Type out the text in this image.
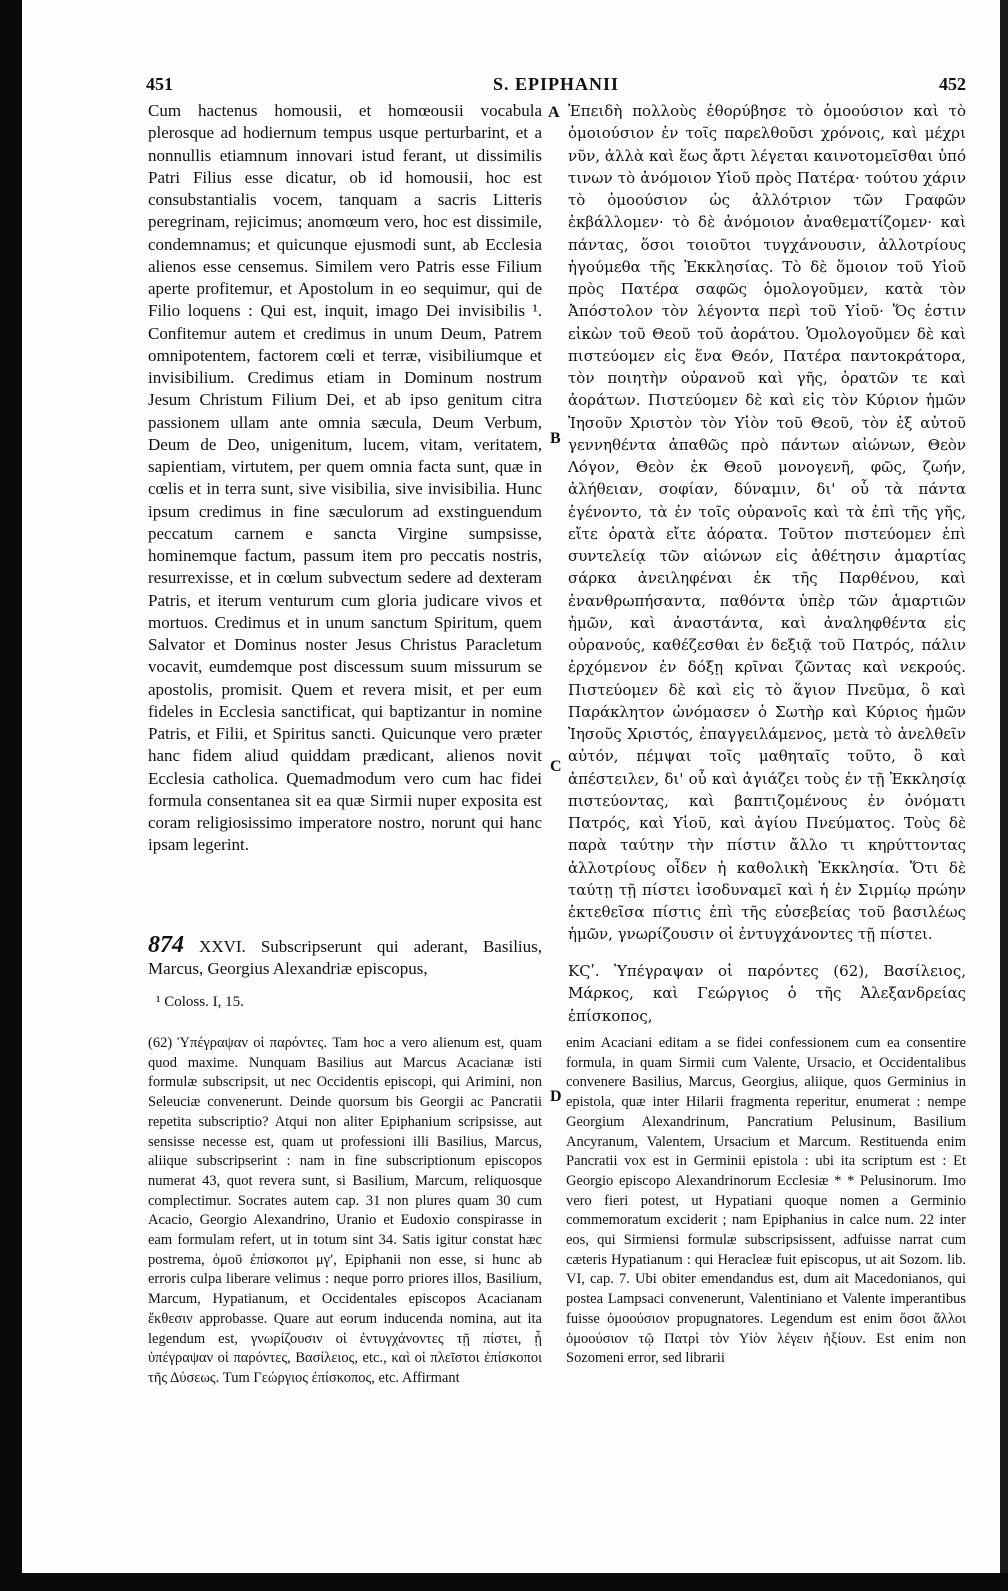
S. EPIPHANII
451	452
A
B
C
D
Cum hactenus homousii, et homœousii vocabula plerosque ad hodiernum tempus usque perturbarint, et a nonnullis etiamnum innovari istud ferant, ut dissimilis Patri Filius esse dicatur, ob id homousii, hoc est consubstantialis vocem, tanquam a sacris Litteris peregrinam, rejicimus; anomœum vero, hoc est dissimile, condemnamus; et quicunque ejusmodi sunt, ab Ecclesia alienos esse censemus. Similem vero Patris esse Filium aperte profitemur, et Apostolum in eo sequimur, qui de Filio loquens : Qui est, inquit, imago Dei invisibilis ¹. Confitemur autem et credimus in unum Deum, Patrem omnipotentem, factorem cœli et terræ, visibiliumque et invisibilium. Credimus etiam in Dominum nostrum Jesum Christum Filium Dei, et ab ipso genitum citra passionem ullam ante omnia sæcula, Deum Verbum, Deum de Deo, unigenitum, lucem, vitam, veritatem, sapientiam, virtutem, per quem omnia facta sunt, quæ in cœlis et in terra sunt, sive visibilia, sive invisibilia. Hunc ipsum credimus in fine sæculorum ad exstinguendum peccatum carnem e sancta Virgine sumpsisse, hominemque factum, passum item pro peccatis nostris, resurrexisse, et in cœlum subvectum sedere ad dexteram Patris, et iterum venturum cum gloria judicare vivos et mortuos. Credimus et in unum sanctum Spiritum, quem Salvator et Dominus noster Jesus Christus Paracletum vocavit, eumdemque post discessum suum missurum se apostolis, promisit. Quem et revera misit, et per eum fideles in Ecclesia sanctificat, qui baptizantur in nomine Patris, et Filii, et Spiritus sancti. Quicunque vero præter hanc fidem aliud quiddam prædicant, alienos novit Ecclesia catholica. Quemadmodum vero cum hac fidei formula consentanea sit ea quæ Sirmii nuper exposita est coram religiosissimo imperatore nostro, norunt qui hanc ipsam legerint.
Ἐπειδὴ πολλοὺς ἐθορύβησε τὸ ὁμοούσιον καὶ τὸ ὁμοιούσιον ἐν τοῖς παρελθοῦσι χρόνοις, καὶ μέχρι νῦν, ἀλλὰ καὶ ἕως ἄρτι λέγεται καινοτομεῖσθαι ὑπό τινων τὸ ἀνόμοιον Υἱοῦ πρὸς Πατέρα· τούτου χάριν τὸ ὁμοούσιον ὡς ἀλλότριον τῶν Γραφῶν ἐκβάλλομεν· τὸ δὲ ἀνόμοιον ἀναθεματίζομεν· καὶ πάντας, ὅσοι τοιοῦτοι τυγχάνουσιν, ἀλλοτρίους ἡγούμεθα τῆς Ἐκκλησίας. Τὸ δὲ ὅμοιον τοῦ Υἱοῦ πρὸς Πατέρα σαφῶς ὁμολογοῦμεν, κατὰ τὸν Ἀπόστολον τὸν λέγοντα περὶ τοῦ Υἱοῦ· Ὅς ἐστιν εἰκὼν τοῦ Θεοῦ τοῦ ἀοράτου. Ὁμολογοῦμεν δὲ καὶ πιστεύομεν εἰς ἕνα Θεόν, Πατέρα παντοκράτορα, τὸν ποιητὴν οὐρανοῦ καὶ γῆς, ὁρατῶν τε καὶ ἀοράτων. Πιστεύομεν δὲ καὶ εἰς τὸν Κύριον ἡμῶν Ἰησοῦν Χριστὸν τὸν Υἱὸν τοῦ Θεοῦ, τὸν ἐξ αὐτοῦ γεννηθέντα ἀπαθῶς πρὸ πάντων αἰώνων, Θεὸν Λόγον, Θεὸν ἐκ Θεοῦ μονογενῆ, φῶς, ζωήν, ἀλήθειαν, σοφίαν, δύναμιν, δι' οὗ τὰ πάντα ἐγένοντο, τὰ ἐν τοῖς οὐρανοῖς καὶ τὰ ἐπὶ τῆς γῆς, εἴτε ὁρατὰ εἴτε ἀόρατα. Τοῦτον πιστεύομεν ἐπὶ συντελείᾳ τῶν αἰώνων εἰς ἀθέτησιν ἁμαρτίας σάρκα ἀνειληφέναι ἐκ τῆς Παρθένου, καὶ ἐνανθρωπήσαντα, παθόντα ὑπὲρ τῶν ἁμαρτιῶν ἡμῶν, καὶ ἀναστάντα, καὶ ἀναληφθέντα εἰς οὐρανούς, καθέζεσθαι ἐν δεξιᾷ τοῦ Πατρός, πάλιν ἐρχόμενον ἐν δόξῃ κρῖναι ζῶντας καὶ νεκρούς. Πιστεύομεν δὲ καὶ εἰς τὸ ἅγιον Πνεῦμα, ὃ καὶ Παράκλητον ὠνόμασεν ὁ Σωτὴρ καὶ Κύριος ἡμῶν Ἰησοῦς Χριστός, ἐπαγγειλάμενος, μετὰ τὸ ἀνελθεῖν αὐτόν, πέμψαι τοῖς μαθηταῖς τοῦτο, ὃ καὶ ἀπέστειλεν, δι' οὗ καὶ ἁγιάζει τοὺς ἐν τῇ Ἐκκλησίᾳ πιστεύοντας, καὶ βαπτιζομένους ἐν ὀνόματι Πατρός, καὶ Υἱοῦ, καὶ ἁγίου Πνεύματος. Τοὺς δὲ παρὰ ταύτην τὴν πίστιν ἄλλο τι κηρύττοντας ἀλλοτρίους οἶδεν ἡ καθολικὴ Ἐκκλησία. Ὅτι δὲ ταύτῃ τῇ πίστει ἰσοδυναμεῖ καὶ ἡ ἐν Σιρμίῳ πρώην ἐκτεθεῖσα πίστις ἐπὶ τῆς εὐσεβείας τοῦ βασιλέως ἡμῶν, γνωρίζουσιν οἱ ἐντυγχάνοντες τῇ πίστει.
874 XXVI. Subscripserunt qui aderant, Basilius, Marcus, Georgius Alexandriæ episcopus,	ΚϚʹ. Ὑπέγραψαν οἱ παρόντες (62), Βασίλειος, Μάρκος, καὶ Γεώργιος ὁ τῆς Ἀλεξανδρείας ἐπίσκοπος,
¹ Coloss. I, 15.
(62) Ὑπέγραψαν οἱ παρόντες. Tam hoc a vero alienum est, quam quod maxime. Nunquam Basilius aut Marcus Acacianæ isti formulæ subscripsit, ut nec Occidentis episcopi, qui Arimini, non Seleuciæ convenerunt. Deinde quorsum bis Georgii ac Pancratii repetita subscriptio? Atqui non aliter Epiphanium scripsisse, aut sensisse necesse est, quam ut professioni illi Basilius, Marcus, aliique subscripserint : nam in fine subscriptionum episcopos numerat 43, quot revera sunt, si Basilium, Marcum, reliquosque complectimur. Socrates autem cap. 31 non plures quam 30 cum Acacio, Georgio Alexandrino, Uranio et Eudoxio conspirasse in eam formulam refert, ut in totum sint 34. Satis igitur constat hæc postrema, ὁμοῦ ἐπίσκοποι μγʹ, Epiphanii non esse, si hunc ab erroris culpa liberare velimus : neque porro priores illos, Basilium, Marcum, Hypatianum, et Occidentales episcopos Acacianam ἔκθεσιν approbasse. Quare aut eorum inducenda nomina, aut ita legendum est, γνωρίζουσιν οἱ ἐντυγχάνοντες τῇ πίστει, ᾗ ὑπέγραψαν οἱ παρόντες, Βασίλειος, etc., καὶ οἱ πλεῖστοι ἐπίσκοποι τῆς Δύσεως. Tum Γεώργιος ἐπίσκοπος, etc. Affirmant
enim Acaciani editam a se fidei confessionem cum ea consentire formula, in quam Sirmii cum Valente, Ursacio, et Occidentalibus convenere Basilius, Marcus, Georgius, aliique, quos Germinius in epistola, quæ inter Hilarii fragmenta reperitur, enumerat : nempe Georgium Alexandrinum, Pancratium Pelusinum, Basilium Ancyranum, Valentem, Ursacium et Marcum. Restituenda enim Pancratii vox est in Germinii epistola : ubi ita scriptum est : Et Georgio episcopo Alexandrinorum Ecclesiæ * * Pelusinorum. Imo vero fieri potest, ut Hypatiani quoque nomen a Germinio commemoratum exciderit ; nam Epiphanius in calce num. 22 inter eos, qui Sirmiensi formulæ subscripsissent, adfuisse narrat cum cæteris Hypatianum : qui Heracleæ fuit episcopus, ut ait Sozom. lib. VI, cap. 7. Ubi obiter emendandus est, dum ait Macedonianos, qui postea Lampsaci convenerunt, Valentiniano et Valente imperantibus fuisse ὁμοούσιον propugnatores. Legendum est enim ὅσοι ἄλλοι ὁμοούσιον τῷ Πατρὶ τὸν Υἱὸν λέγειν ἠξίουν. Est enim non Sozomeni error, sed librarii
